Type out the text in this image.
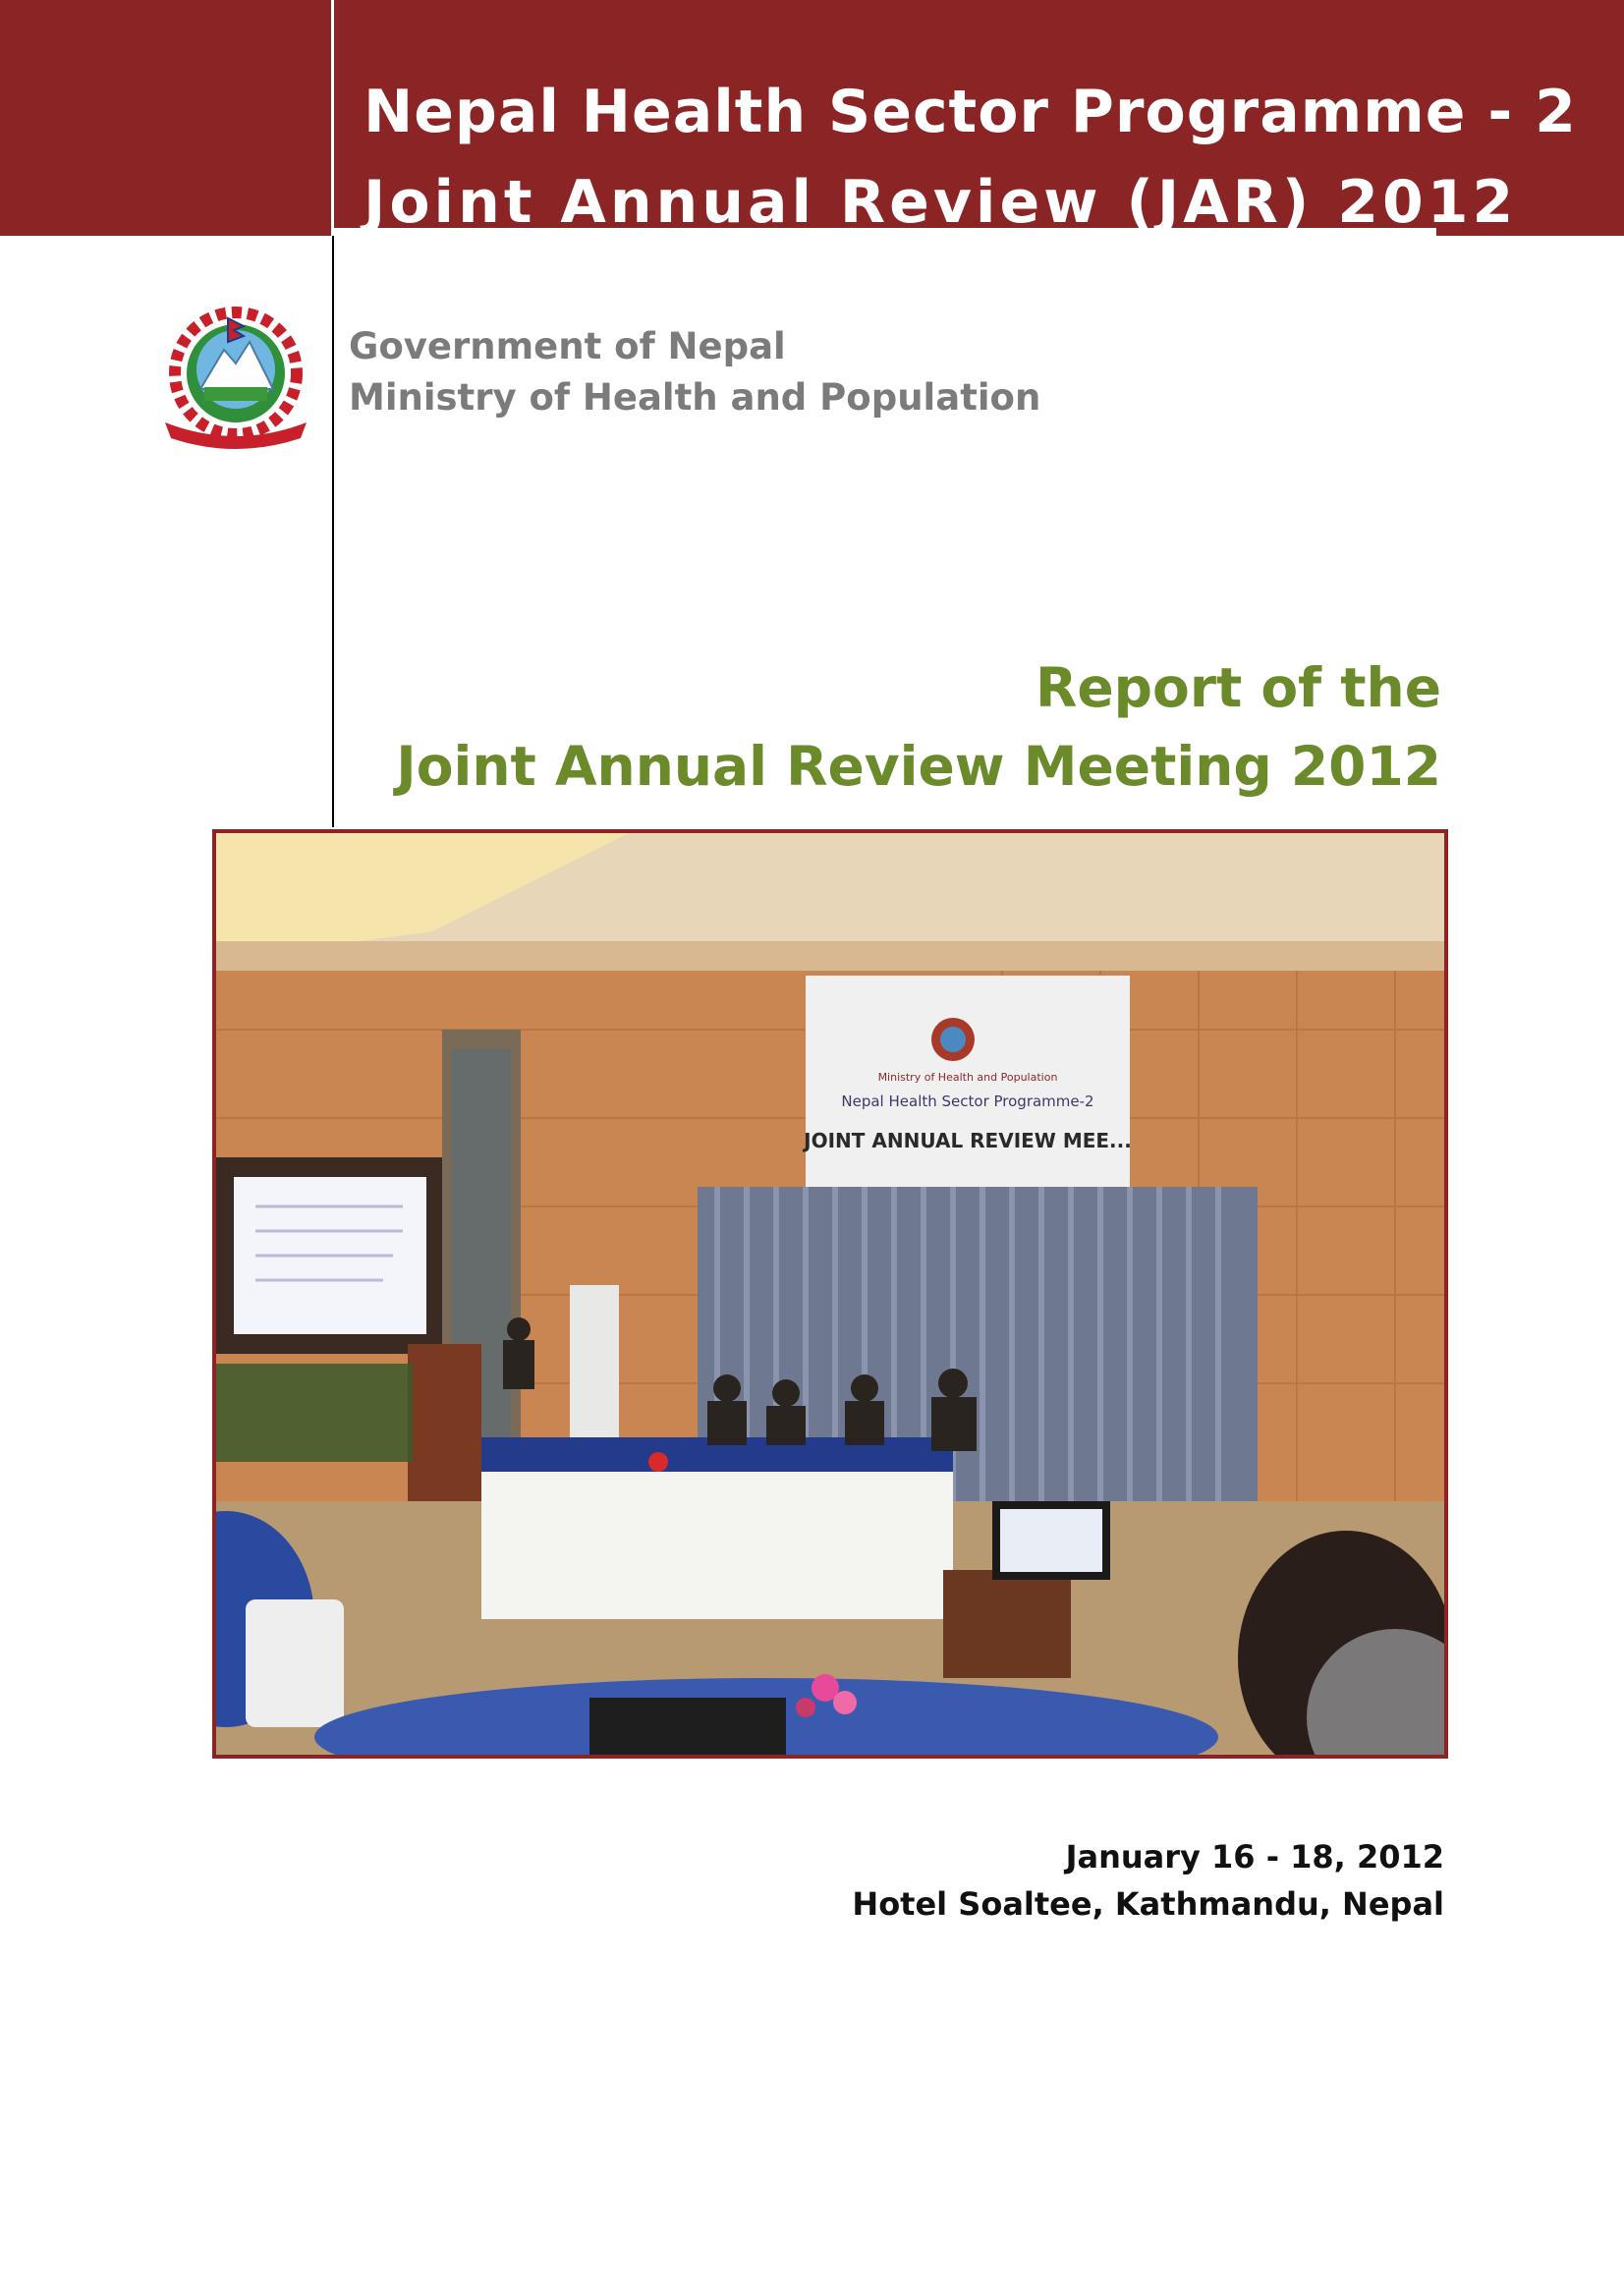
Nepal Health Sector Programme - 2
Joint Annual Review (JAR) 2012
Government of Nepal
Ministry of Health and Population
Report of the
Joint Annual Review Meeting 2012
Ministry of Health and Population
Nepal Health Sector Programme-2
JOINT ANNUAL REVIEW MEE...
January 16 - 18, 2012
Hotel Soaltee, Kathmandu, Nepal
